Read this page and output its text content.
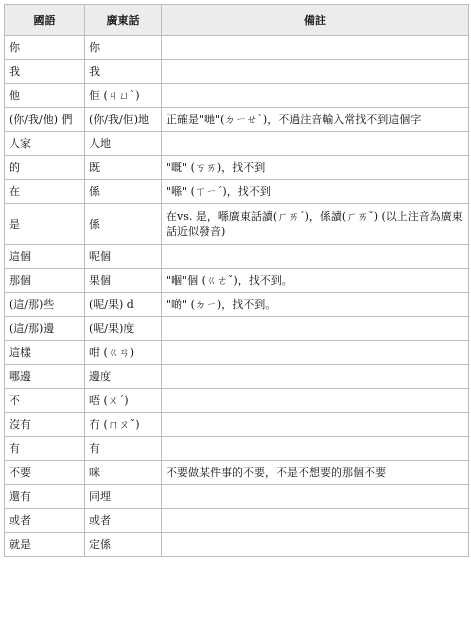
國語	廣東話	備註
你	你	
我	我	
他	佢 (ㄐㄩˋ)	
(你/我/他) 們	(你/我/佢)地	正確是"哋"(ㄉㄧㄝˋ)，不過注音輸入常找不到這個字
人家	人地	
的	既	"嘅" (ㄎㄞ)，找不到
在	係	"喺" (ㄒㄧˊ)，找不到
是	係	在vs. 是，喺廣東話讀(ㄏㄞˊ)，係讀(ㄏㄞˇ) (以上注音為廣東話近似發音)
這個	呢個	
那個	果個	"嗰"個 (ㄍㄜˇ)，找不到。
(這/那)些	(呢/果) d	"啲" (ㄉㄧ)，找不到。
(這/那)邊	(呢/果)度	
這樣	咁 (ㄍㄢ)	
哪邊	邊度	
不	唔 (ㄨˊ)	
沒有	冇 (ㄇㄡˇ)	
有	有	
不要	咪	不要做某件事的不要，不是不想要的那個不要
還有	同埋	
或者	或者	
就是	定係	
